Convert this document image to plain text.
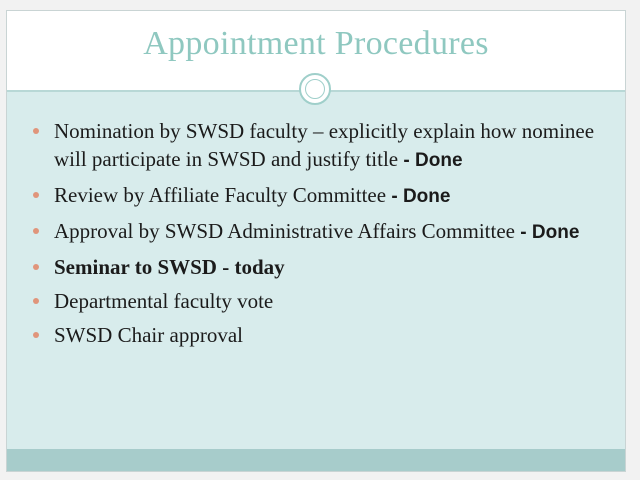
Appointment Procedures
Nomination by SWSD faculty – explicitly explain how nominee will participate in SWSD and justify title - Done
Review by Affiliate Faculty Committee - Done
Approval by SWSD Administrative Affairs Committee - Done
Seminar to SWSD - today
Departmental faculty vote
SWSD Chair approval
